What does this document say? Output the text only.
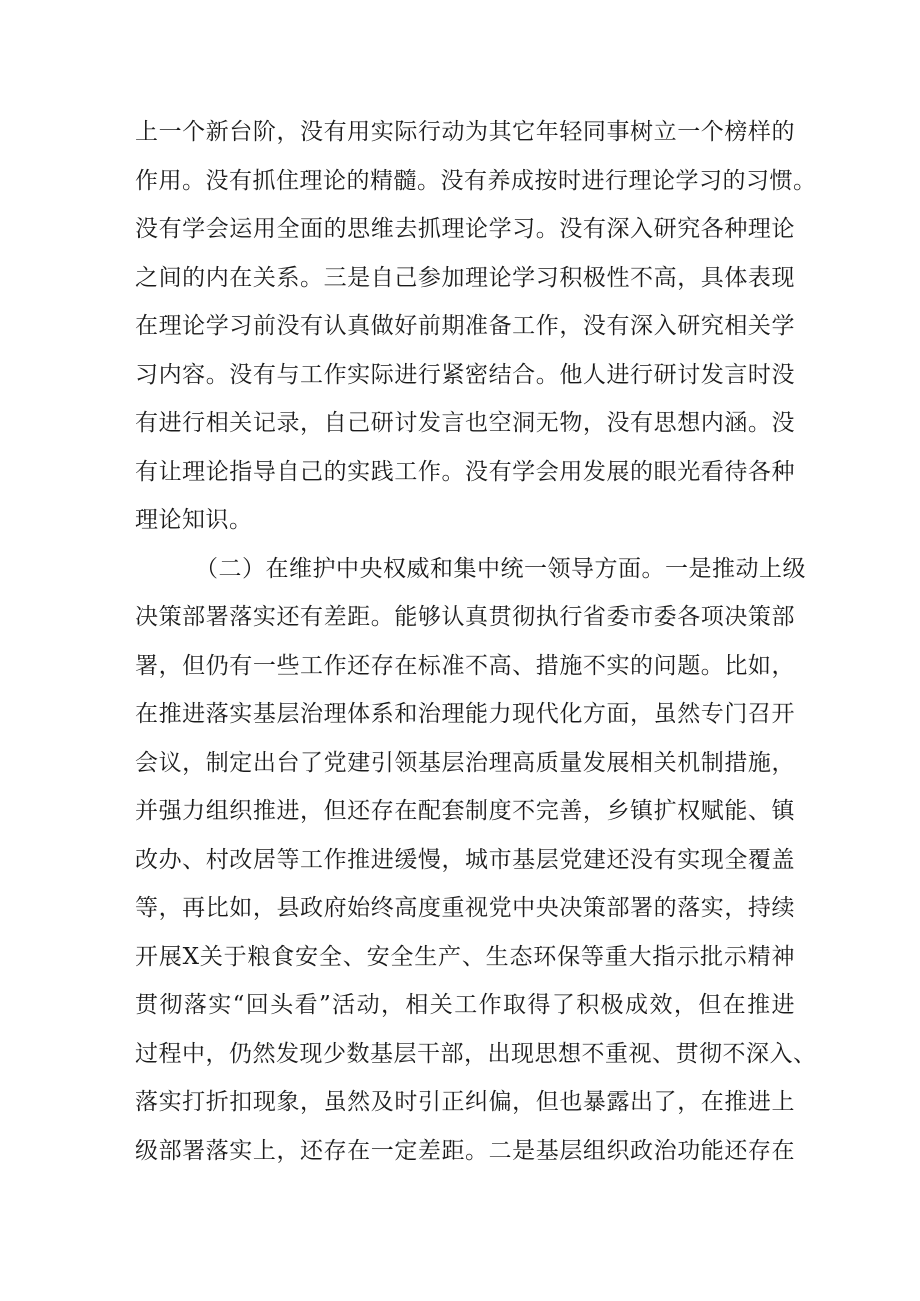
上一个新台阶，没有用实际行动为其它年轻同事树立一个榜样的
作用。没有抓住理论的精髓。没有养成按时进行理论学习的习惯。
没有学会运用全面的思维去抓理论学习。没有深入研究各种理论
之间的内在关系。三是自己参加理论学习积极性不高，具体表现
在理论学习前没有认真做好前期准备工作，没有深入研究相关学
习内容。没有与工作实际进行紧密结合。他人进行研讨发言时没
有进行相关记录，自己研讨发言也空洞无物，没有思想内涵。没
有让理论指导自己的实践工作。没有学会用发展的眼光看待各种
理论知识。
（二）在维护中央权威和集中统一领导方面。一是推动上级
决策部署落实还有差距。能够认真贯彻执行省委市委各项决策部
署，但仍有一些工作还存在标准不高、措施不实的问题。比如，
在推进落实基层治理体系和治理能力现代化方面，虽然专门召开
会议，制定出台了党建引领基层治理高质量发展相关机制措施，
并强力组织推进，但还存在配套制度不完善，乡镇扩权赋能、镇
改办、村改居等工作推进缓慢，城市基层党建还没有实现全覆盖
等，再比如，县政府始终高度重视党中央决策部署的落实，持续
开展X关于粮食安全、安全生产、生态环保等重大指示批示精神
贯彻落实“回头看”活动，相关工作取得了积极成效，但在推进
过程中，仍然发现少数基层干部，出现思想不重视、贯彻不深入、
落实打折扣现象，虽然及时引正纠偏，但也暴露出了，在推进上
级部署落实上，还存在一定差距。二是基层组织政治功能还存在
